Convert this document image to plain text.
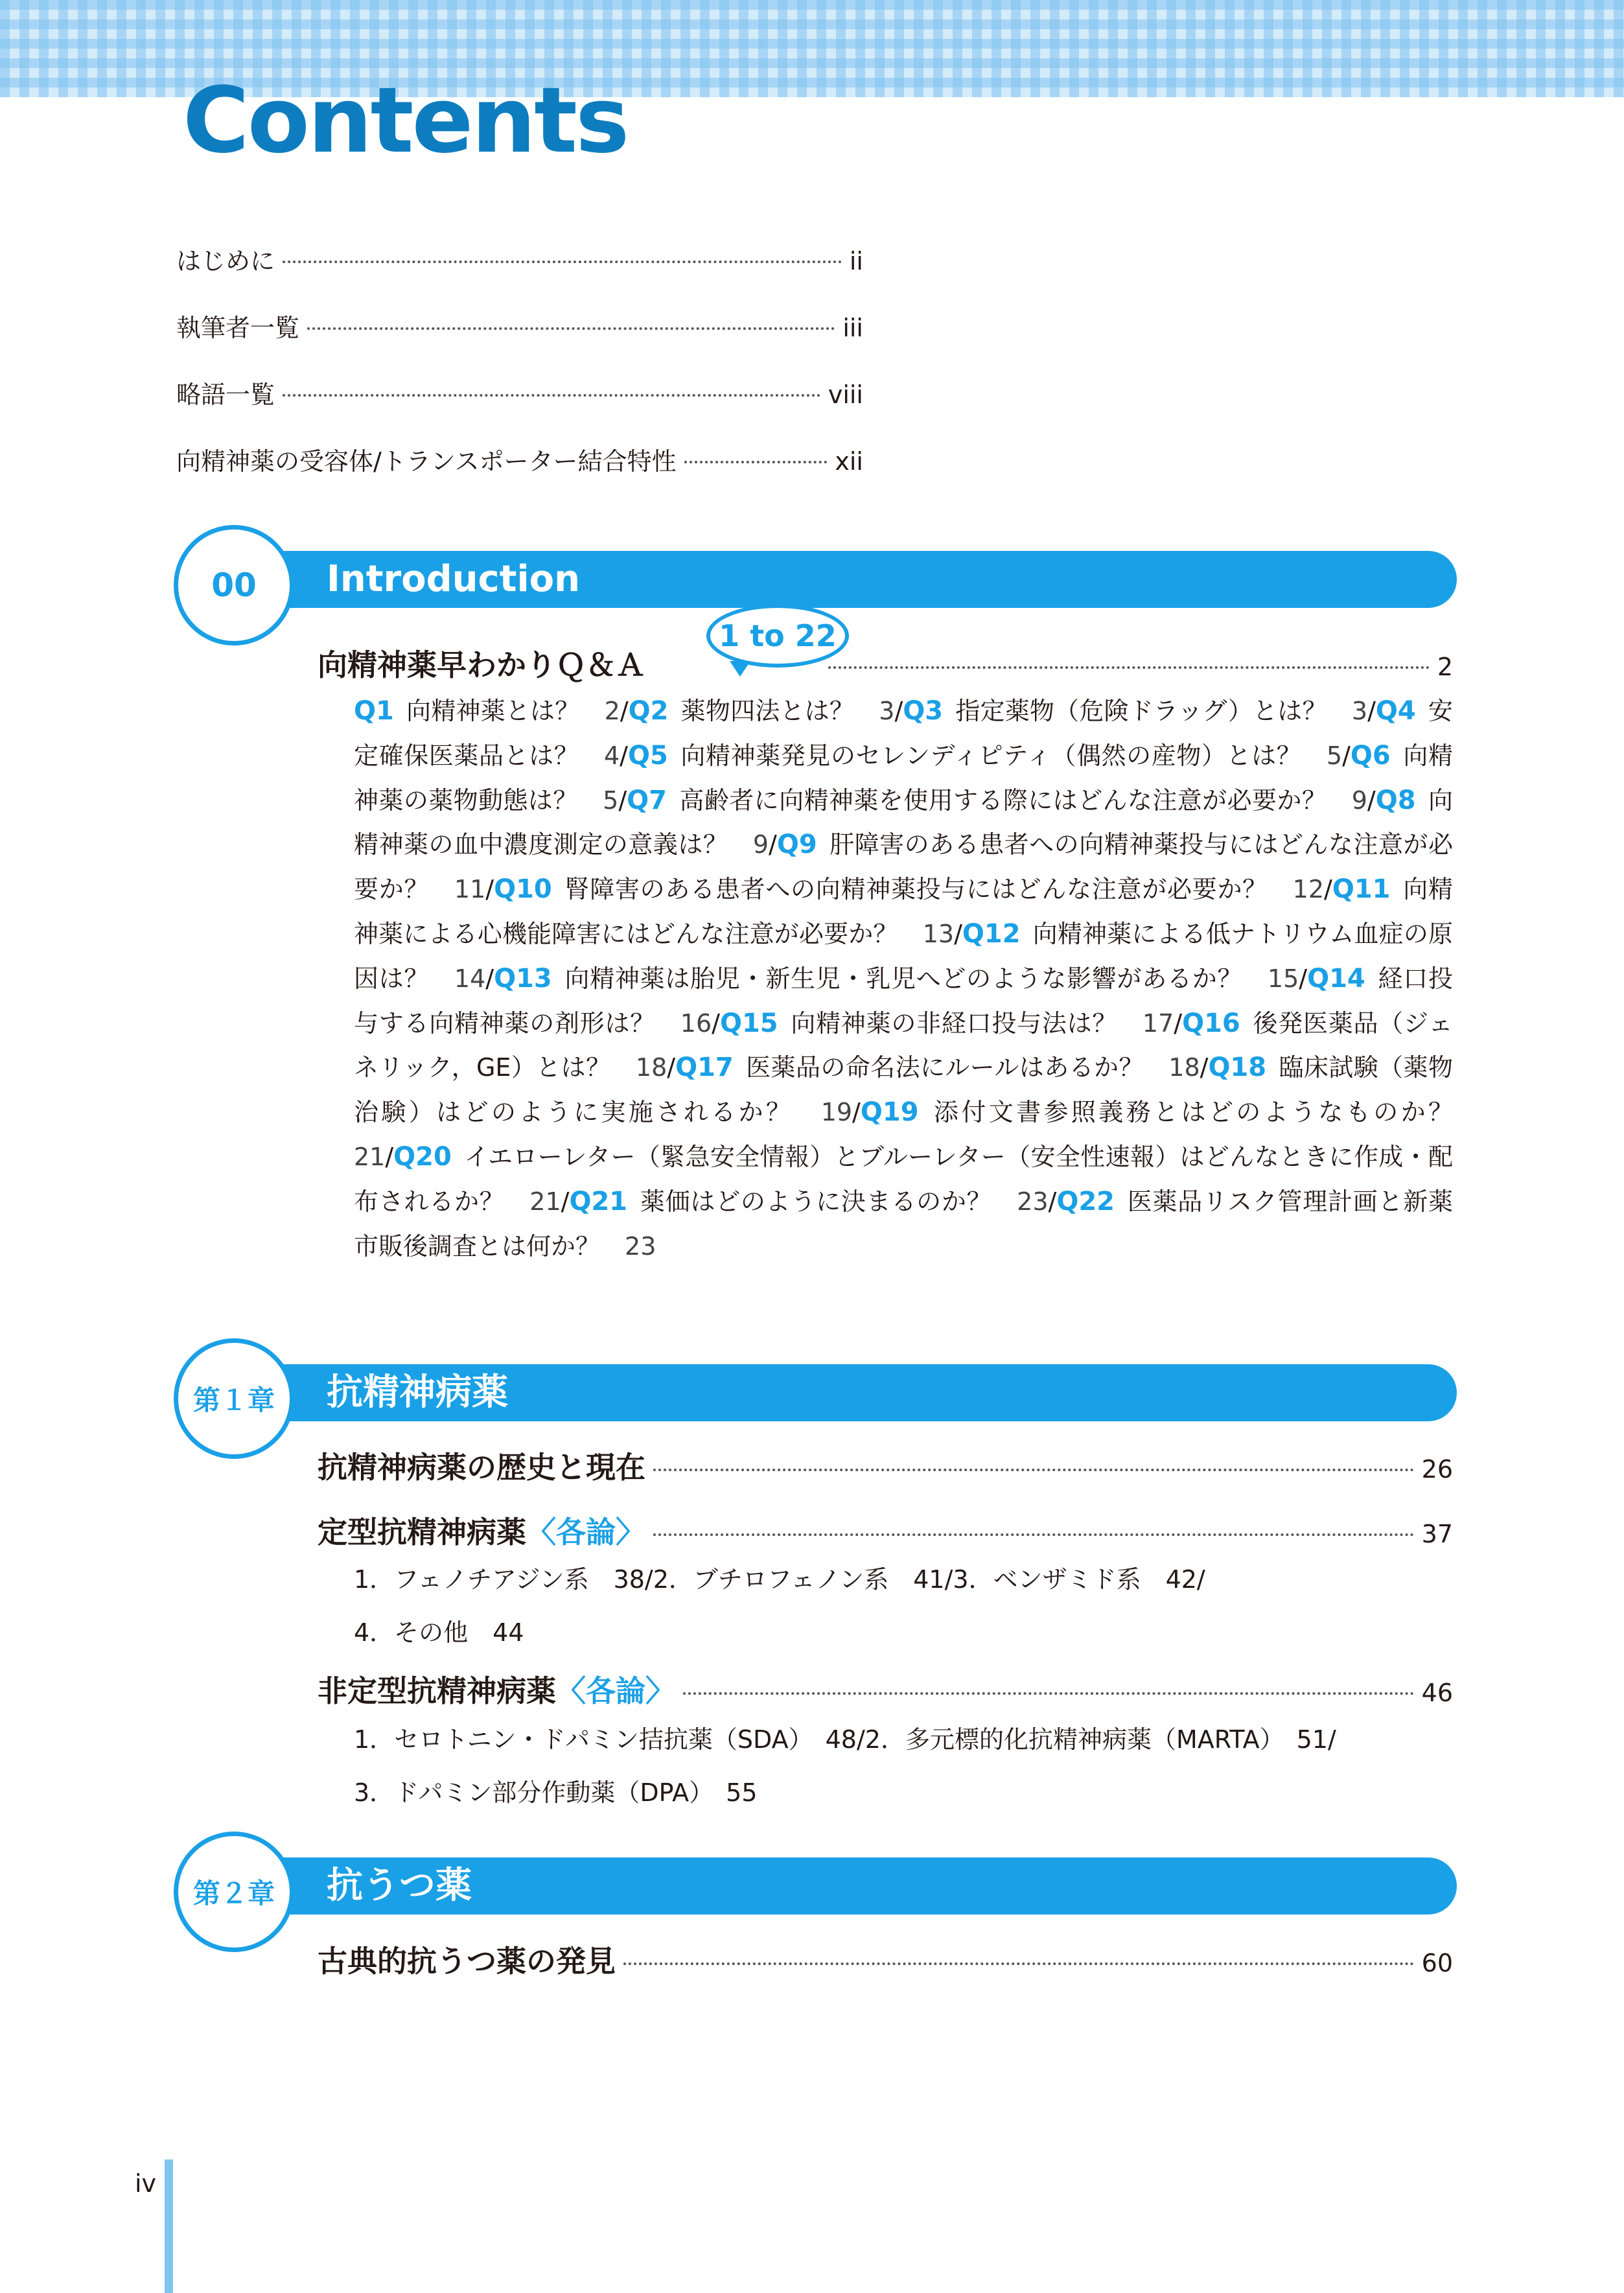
Contents
はじめに	ii
執筆者一覧	iii
略語一覧	viii
向精神薬の受容体/トランスポーター結合特性	xii
Introduction
00
向精神薬早わかりＱ＆Ａ	2
1 to 22

Q1  向精神薬とは？　 2/Q2  薬物四法とは？　 3/Q3  指定薬物（危険ドラッグ）とは？　 3/Q4  安定確保医薬品とは？　 4/Q5  向精神薬発見のセレンディピティ（偶然の産物）とは？　 5/Q6  向精神薬の薬物動態は？　 5/Q7  高齢者に向精神薬を使用する際にはどんな注意が必要か？　 9/Q8  向精神薬の血中濃度測定の意義は？　 9/Q9  肝障害のある患者への向精神薬投与にはどんな注意が必要か？　 11/Q10  腎障害のある患者への向精神薬投与にはどんな注意が必要か？　 12/Q11  向精神薬による心機能障害にはどんな注意が必要か？　 13/Q12  向精神薬による低ナトリウム血症の原因は？　 14/Q13  向精神薬は胎児・新生児・乳児へどのような影響があるか？　 15/Q14  経口投与する向精神薬の剤形は？　 16/Q15  向精神薬の非経口投与法は？　 17/Q16  後発医薬品（ジェネリック，GE）とは？　 18/Q17  医薬品の命名法にルールはあるか？　 18/Q18  臨床試験（薬物治験）はどのように実施されるか？　 19/Q19  添付文書参照義務とはどのようなものか？　21/Q20  イエローレター（緊急安全情報）とブルーレター（安全性速報）はどんなときに作成・配布されるか？　 21/Q21  薬価はどのように決まるのか？　 23/Q22  医薬品リスク管理計画と新薬市販後調査とは何か？　 23

抗精神病薬
第１章
抗精神病薬の歴史と現在	26
定型抗精神病薬 〈各論〉	37

1．フェノチアジン系　38/2．ブチロフェノン系　41/3．ベンザミド系　42/
4．その他　44

非定型抗精神病薬 〈各論〉	46

1．セロトニン・ドパミン拮抗薬（SDA）　48/2．多元標的化抗精神病薬（MARTA）　51/
3．ドパミン部分作動薬（DPA）　55

抗うつ薬
第２章
古典的抗うつ薬の発見	60
iv
